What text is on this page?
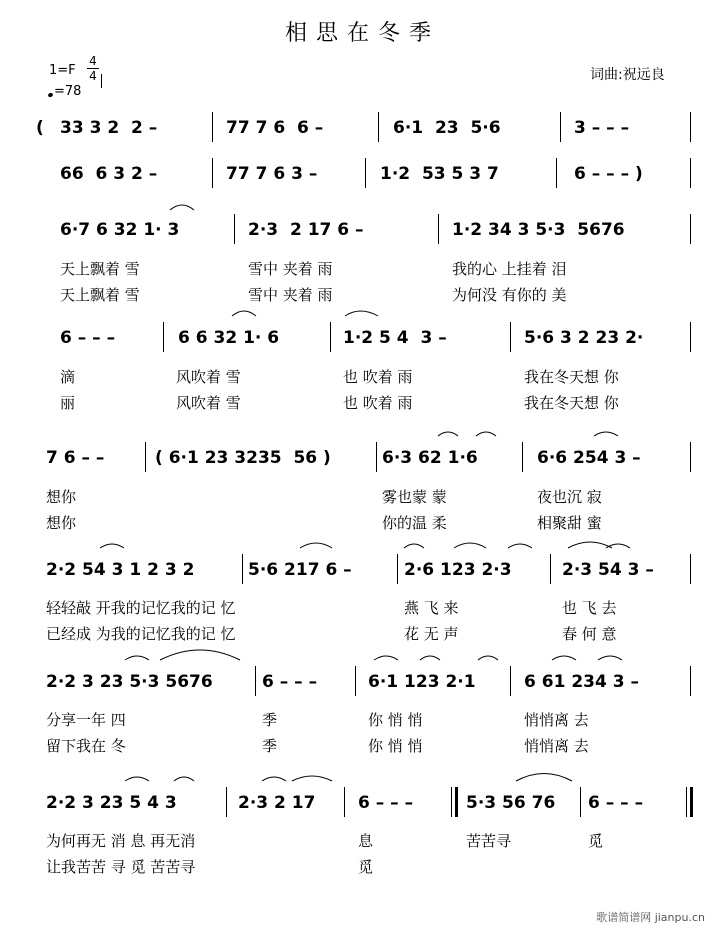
相思在冬季
词曲:祝远良
1=F
4
4
=78
( 33 3 2  2 –	77 7 6  6 –	6·1  23  5·6	3 – – –
66  6 3 2 –	77 7 6 3 –	1·2  53 5 3 7	6 – – – )
6·7 6 32 1· 3	2·3  2 17 6 –	1·2 34 3 5·3  5676
6 – – –	6 6 32 1· 6	1·2 5 4  3 –	5·6 3 2 23 2·
7 6 – –	( 6·1 23 3235  56 )	6·3 62 1·6	6·6 254 3 –
2·2 54 3 1 2 3 2	5·6 217 6 –	2·6 123 2·3	2·3 54 3 –
2·2 3 23 5·3 5676	6 – – –	6·1 123 2·1	6 61 234 3 –
2·2 3 23 5 4 3	2·3 2 17	6 – – –	5·3 56 76 6 – – –
天上飘着 雪	雪中 夹着 雨	我的心 上挂着 泪
天上飘着 雪	雪中 夹着 雨	为何没 有你的 美
滴	风吹着 雪	也 吹着 雨	我在冬天想 你
丽	风吹着 雪	也 吹着 雨	我在冬天想 你
想你	雾也蒙 蒙	夜也沉 寂
想你	你的温 柔	相聚甜 蜜
轻轻敲 开我的记忆我的记 忆	燕 飞 来	也 飞 去
已经成 为我的记忆我的记 忆	花 无 声	春 何 意
分享一年 四	季	你 悄 悄	悄悄离 去
留下我在 冬	季	你 悄 悄	悄悄离 去
为何再无 消 息 再无消	息	苦苦寻	觅
让我苦苦 寻 觅 苦苦寻	觅
歌谱简谱网 jianpu.cn
